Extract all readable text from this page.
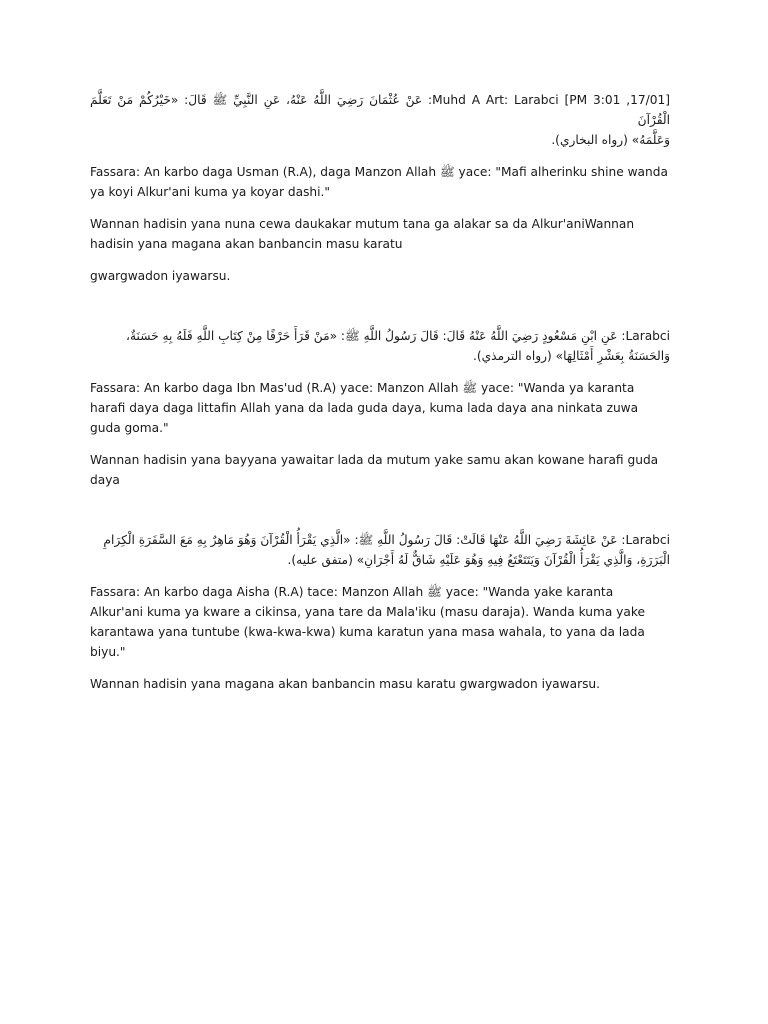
[17/01, 3:01 PM] Muhd A Art: Larabci: عَنْ عُثْمَانَ رَضِيَ اللَّهُ عَنْهُ، عَنِ النَّبِيِّ ﷺ قَالَ: «خَيْرُكُمْ مَنْ تَعَلَّمَ الْقُرْآنَ
وَعَلَّمَهُ» (رواه البخاري).

Fassara: An karbo daga Usman (R.A), daga Manzon Allah ﷺ yace: "Mafi alherinku shine wanda ya koyi Alkur'ani kuma ya koyar dashi."

Wannan hadisin yana nuna cewa daukakar mutum tana ga alakar sa da Alkur'aniWannan hadisin yana magana akan banbancin masu karatu

gwargwadon iyawarsu.

Larabci: عَنِ ابْنِ مَسْعُودٍ رَضِيَ اللَّهُ عَنْهُ قَالَ: قَالَ رَسُولُ اللَّهِ ﷺ: «مَنْ قَرَأَ حَرْفًا مِنْ كِتَابِ اللَّهِ فَلَهُ بِهِ حَسَنَةٌ،
وَالحَسَنَةُ بِعَشْرِ أَمْثَالِهَا» (رواه الترمذي).

Fassara: An karbo daga Ibn Mas'ud (R.A) yace: Manzon Allah ﷺ yace: "Wanda ya karanta harafi daya daga littafin Allah yana da lada guda daya, kuma lada daya ana ninkata zuwa guda goma."

Wannan hadisin yana bayyana yawaitar lada da mutum yake samu akan kowane harafi guda daya

Larabci: عَنْ عَائِشَةَ رَضِيَ اللَّهُ عَنْهَا قَالَتْ: قَالَ رَسُولُ اللَّهِ ﷺ: «الَّذِي يَقْرَأُ الْقُرْآنَ وَهُوَ مَاهِرٌ بِهِ مَعَ السَّفَرَةِ الْكِرَامِ
الْبَرَرَةِ، وَالَّذِي يَقْرَأُ الْقُرْآنَ وَيَتَتَعْتَعُ فِيهِ وَهُوَ عَلَيْهِ شَاقٌّ لَهُ أَجْرَانِ» (متفق عليه).

Fassara: An karbo daga Aisha (R.A) tace: Manzon Allah ﷺ yace: "Wanda yake karanta Alkur'ani kuma ya kware a cikinsa, yana tare da Mala'iku (masu daraja). Wanda kuma yake karantawa yana tuntube (kwa-kwa-kwa) kuma karatun yana masa wahala, to yana da lada biyu."

Wannan hadisin yana magana akan banbancin masu karatu gwargwadon iyawarsu.
